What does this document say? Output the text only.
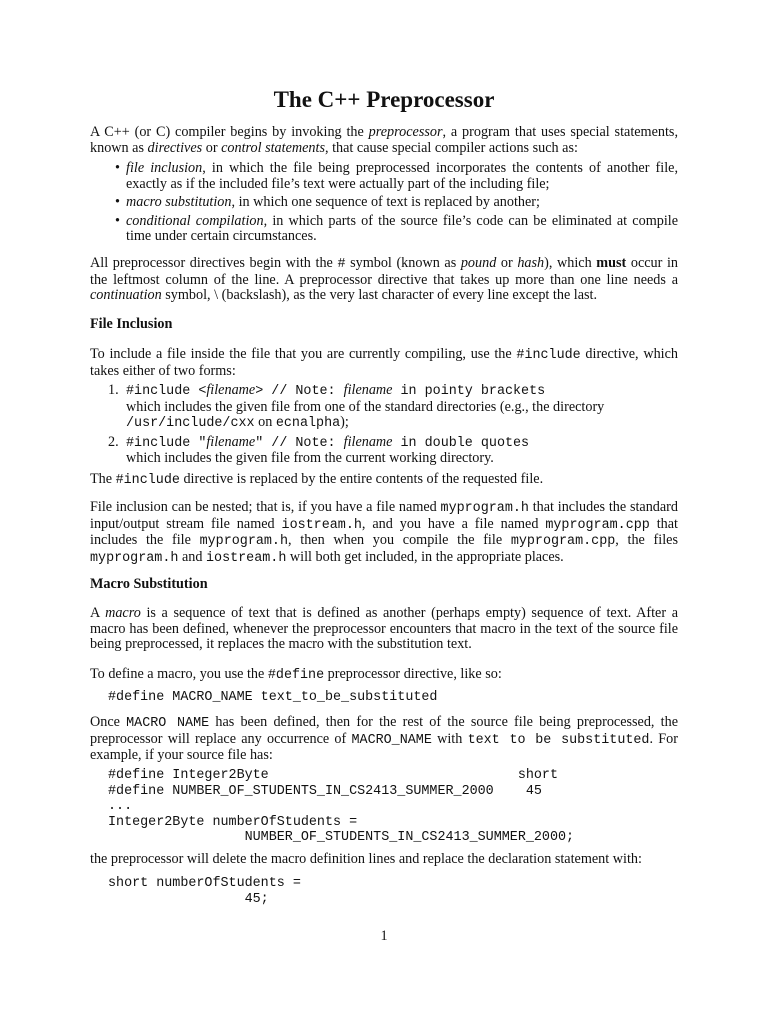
The C++ Preprocessor

A C++ (or C) compiler begins by invoking the preprocessor, a program that uses special statements, known as directives or control statements, that cause special compiler actions such as:

• file inclusion, in which the file being preprocessed incorporates the contents of another file, exactly as if the included file’s text were actually part of the including file;
• macro substitution, in which one sequence of text is replaced by another;
• conditional compilation, in which parts of the source file’s code can be eliminated at compile time under certain circumstances.

All preprocessor directives begin with the # symbol (known as pound or hash), which must occur in the leftmost column of the line. A preprocessor directive that takes up more than one line needs a continuation symbol, \ (backslash), as the very last character of every line except the last.

File Inclusion

To include a file inside the file that you are currently compiling, use the #include directive, which takes either of two forms:

1. #include <filename> // Note: filename in pointy brackets
which includes the given file from one of the standard directories (e.g., the directory /usr/include/cxx on ecnalpha);
2. #include "filename" // Note: filename in double quotes
which includes the given file from the current working directory.

The #include directive is replaced by the entire contents of the requested file.

File inclusion can be nested; that is, if you have a file named myprogram.h that includes the standard input/output stream file named iostream.h, and you have a file named myprogram.cpp that includes the file myprogram.h, then when you compile the file myprogram.cpp, the files myprogram.h and iostream.h will both get included, in the appropriate places.

Macro Substitution

A macro is a sequence of text that is defined as another (perhaps empty) sequence of text. After a macro has been defined, whenever the preprocessor encounters that macro in the text of the source file being preprocessed, it replaces the macro with the substitution text.

To define a macro, you use the #define preprocessor directive, like so:

#define MACRO_NAME text_to_be_substituted

Once MACRO NAME has been defined, then for the rest of the source file being preprocessed, the preprocessor will replace any occurrence of MACRO_NAME with text to be substituted. For example, if your source file has:

#define Integer2Byte                               short
#define NUMBER_OF_STUDENTS_IN_CS2413_SUMMER_2000    45
...
Integer2Byte numberOfStudents =
NUMBER_OF_STUDENTS_IN_CS2413_SUMMER_2000;

the preprocessor will delete the macro definition lines and replace the declaration statement with:

short numberOfStudents =
45;
1
